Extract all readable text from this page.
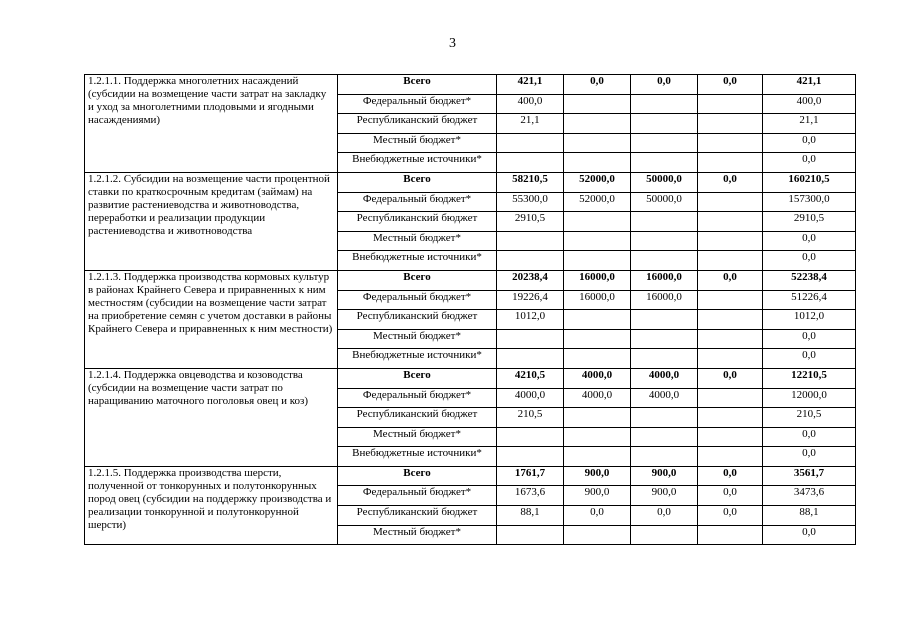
3
1.2.1.1. Поддержка многолетних насаждений (субсидии на возмещение части затрат на закладку и уход за многолетними плодовыми и ягодными насаждениями)	Всего	421,1	0,0	0,0	0,0	421,1
	Федеральный бюджет*	400,0				400,0
	Республиканский бюджет	21,1				21,1
	Местный бюджет*					0,0
	Внебюджетные источники*					0,0
1.2.1.2. Субсидии на возмещение части процентной ставки по краткосрочным кредитам (займам) на развитие растениеводства и животноводства, переработки и реализации продукции растениеводства и животноводства	Всего	58210,5	52000,0	50000,0	0,0	160210,5
	Федеральный бюджет*	55300,0	52000,0	50000,0		157300,0
	Республиканский бюджет	2910,5				2910,5
	Местный бюджет*					0,0
	Внебюджетные источники*					0,0
1.2.1.3. Поддержка производства кормовых культур в районах Крайнего Севера и приравненных к ним местностям (субсидии на возмещение части затрат на приобретение семян с учетом доставки в районы Крайнего Севера и приравненных к ним местности)	Всего	20238,4	16000,0	16000,0	0,0	52238,4
	Федеральный бюджет*	19226,4	16000,0	16000,0		51226,4
	Республиканский бюджет	1012,0				1012,0
	Местный бюджет*					0,0
	Внебюджетные источники*					0,0
1.2.1.4. Поддержка овцеводства и козоводства (субсидии на возмещение части затрат по наращиванию маточного поголовья овец и коз)	Всего	4210,5	4000,0	4000,0	0,0	12210,5
	Федеральный бюджет*	4000,0	4000,0	4000,0		12000,0
	Республиканский бюджет	210,5				210,5
	Местный бюджет*					0,0
	Внебюджетные источники*					0,0
1.2.1.5. Поддержка производства шерсти, полученной от тонкорунных и полутонкорунных пород овец (субсидии на поддержку производства и реализации тонкорунной и полутонкорунной шерсти)	Всего	1761,7	900,0	900,0	0,0	3561,7
	Федеральный бюджет*	1673,6	900,0	900,0	0,0	3473,6
	Республиканский бюджет	88,1	0,0	0,0	0,0	88,1
	Местный бюджет*					0,0
